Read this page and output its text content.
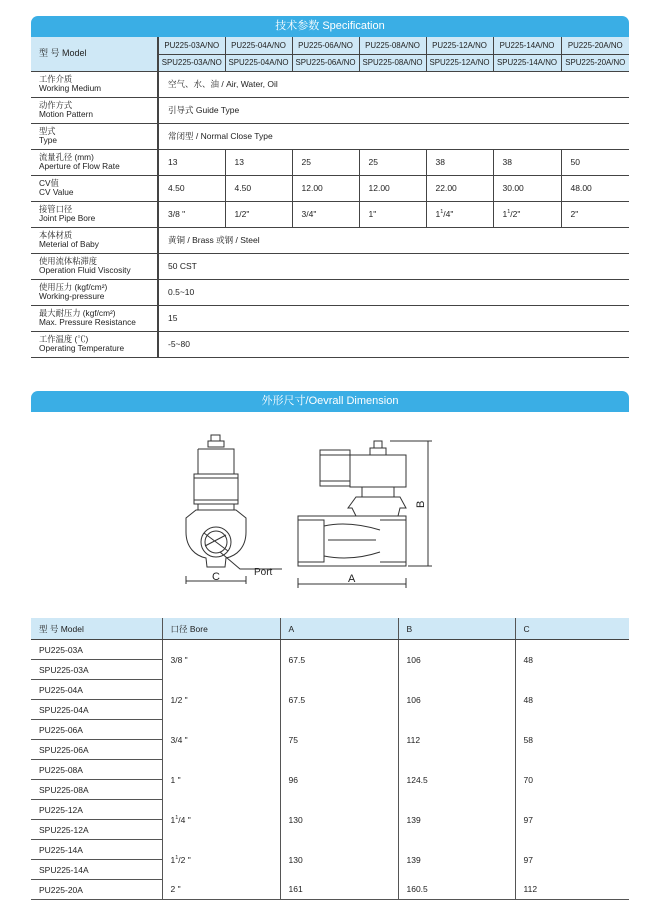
技术参数 Specification
型 号 Model	PU225-03A/NO	PU225-04A/NO	PU225-06A/NO	PU225-08A/NO	PU225-12A/NO	PU225-14A/NO	PU225-20A/NO
	SPU225-03A/NO	SPU225-04A/NO	SPU225-06A/NO	SPU225-08A/NO	SPU225-12A/NO	SPU225-14A/NO	SPU225-20A/NO

工作介质
Working Medium	空气、水、油 / Air, Water, Oil						

动作方式
Motion Pattern	引导式 Guide Type						

型式
Type	常闭型 / Normal Close Type						

流量孔径 (mm)
Aperture of Flow Rate	13	13	25	25	38	38	50

CV值
CV Value	4.50	4.50	12.00	12.00	22.00	30.00	48.00

接管口径
Joint Pipe Bore	3/8 "	1/2"	3/4"	1"	$1^1/4$"	$1^1/2$"	2"

本体材质
Meterial of Baby	黄铜 / Brass 或钢 / Steel						

使用流体粘滞度
Operation Fluid Viscosity	50 CST						

使用压力 (kgf/cm²)
Working-pressure	0.5~10						

最大耐压力 (kgf/cm²)
Max. Pressure Resistance	15						

工作温度 (℃)
Operating Temperature	-5~80						
外形尺寸/Oevrall Dimension
Port
A
C
B
型 号 Model	口径 Bore	A	B	C
PU225-03A	3/8 "	67.5	106	48
SPU225-03A				
PU225-04A	1/2 "	67.5	106	48
SPU225-04A				
PU225-06A	3/4 "	75	112	58
SPU225-06A				
PU225-08A	1 "	96	124.5	70
SPU225-08A				
PU225-12A	$1^1/4$ "	130	139	97
SPU225-12A				
PU225-14A	$1^1/2$ "	130	139	97
SPU225-14A				
PU225-20A	2 "	161	160.5	112
